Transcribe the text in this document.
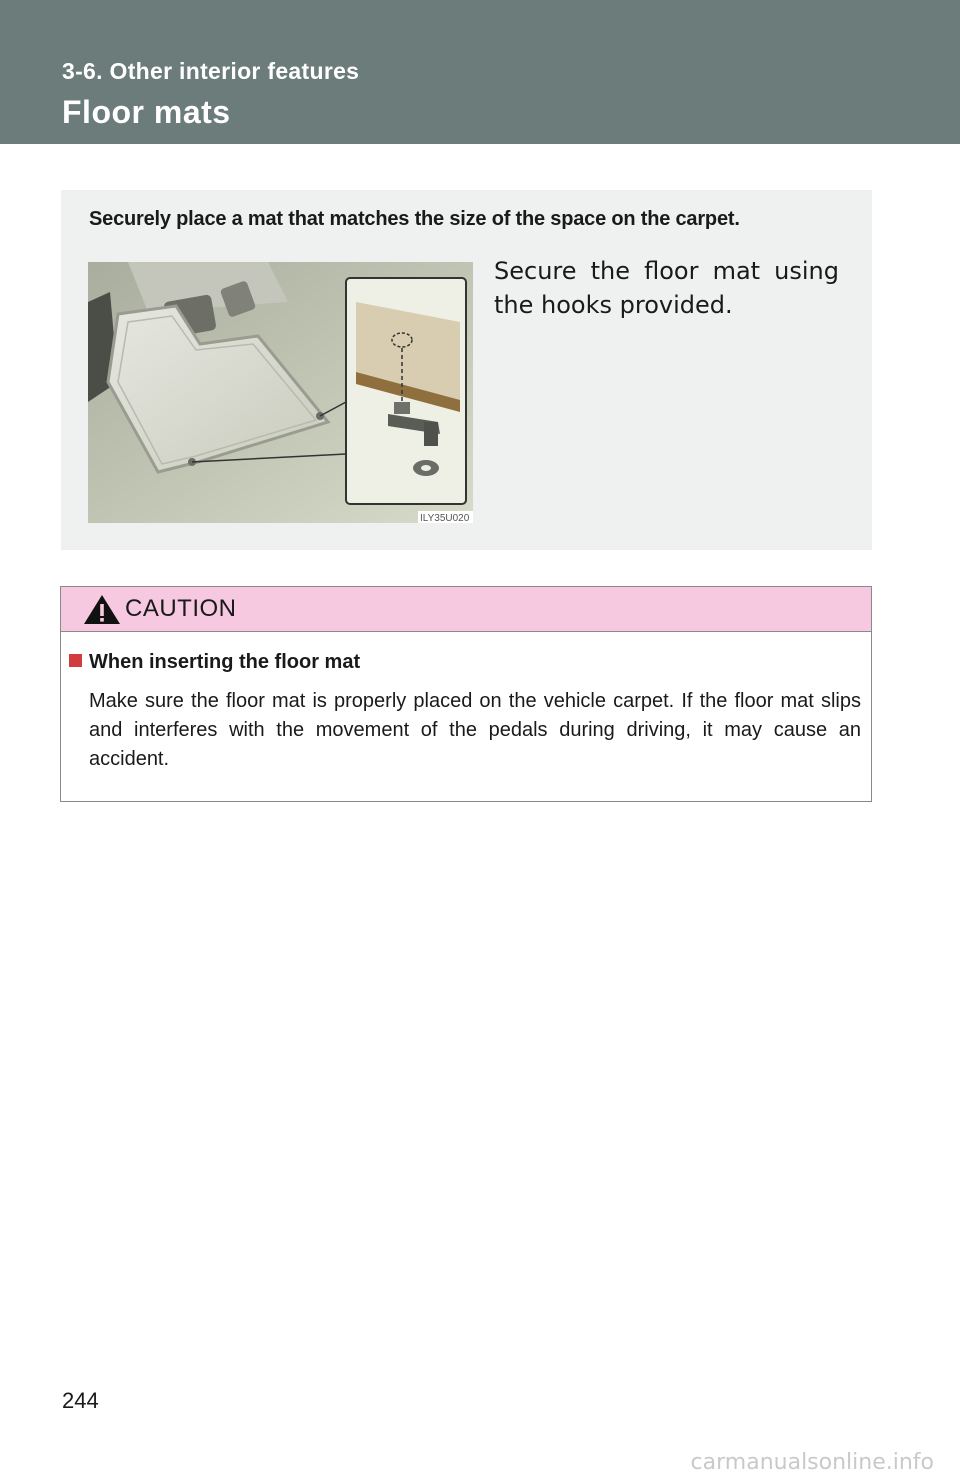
3-6. Other interior features
Floor mats
Securely place a mat that matches the size of the space on the carpet.
ILY35U020
Secure the floor mat using the hooks provided.
CAUTION
When inserting the floor mat
Make sure the floor mat is properly placed on the vehicle carpet. If the floor mat slips and interferes with the movement of the pedals during driving, it may cause an accident.
244
carmanualsonline.info
